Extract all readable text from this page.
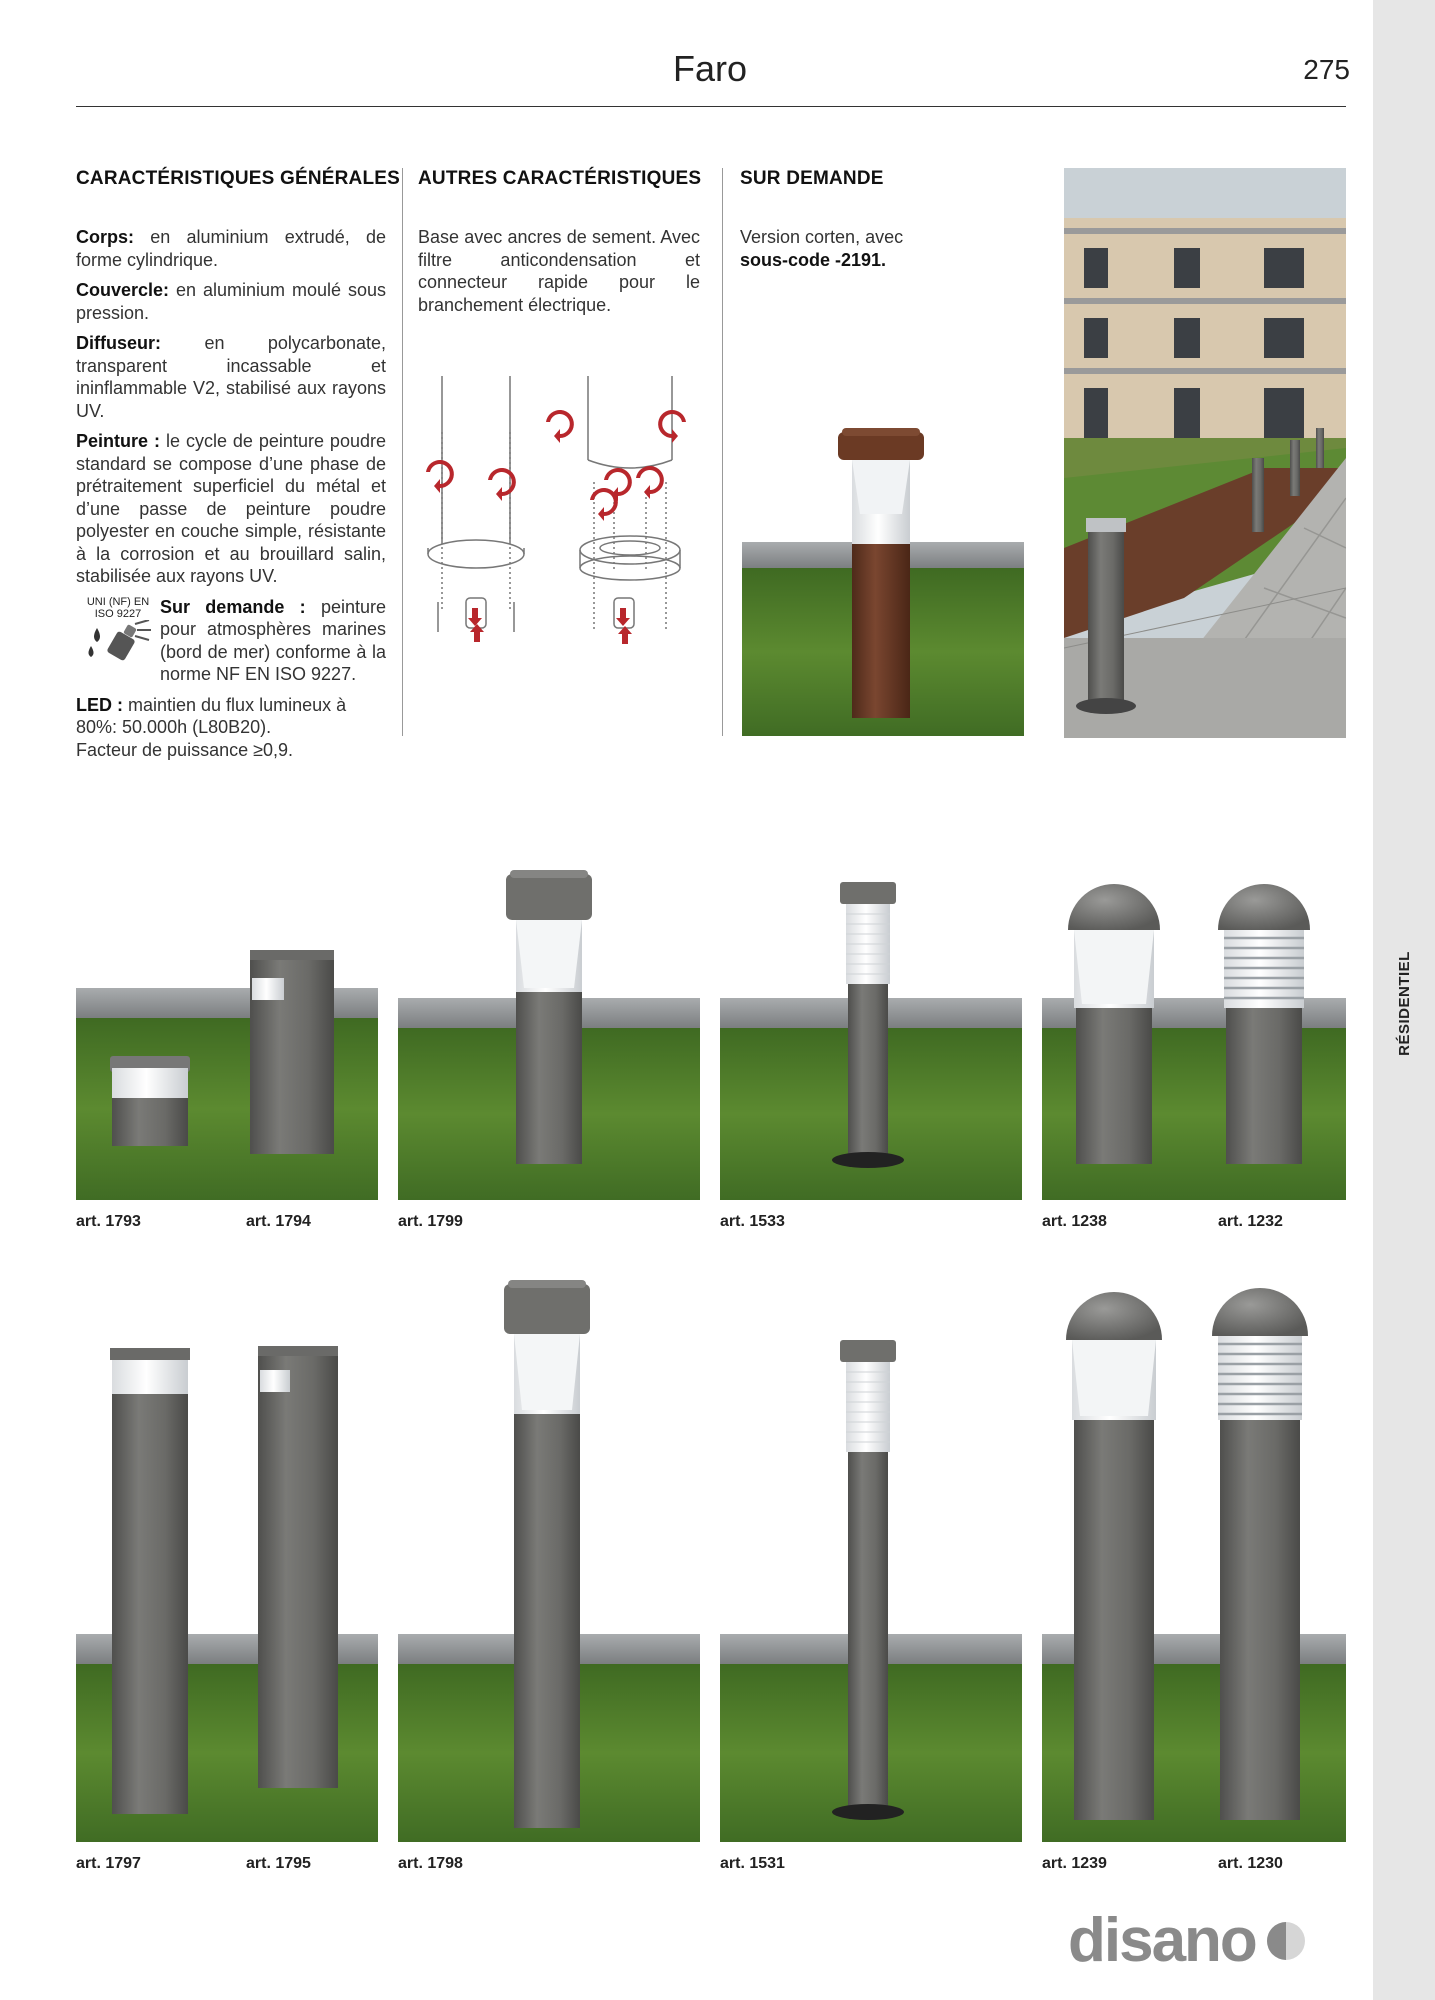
RÉSIDENTIEL
Faro	275
CARACTÉRISTIQUES GÉNÉRALES

Corps: en aluminium extrudé, de forme cylindrique.

Couvercle: en aluminium moulé sous pression.

Diffuseur: en polycarbonate, transparent incassable et ininflammable V2, stabilisé aux rayons UV.

Peinture : le cycle de peinture poudre standard se compose d’une phase de prétraitement superficiel du métal et d’une passe de peinture poudre polyester en couche simple, résistante à la corrosion et au brouillard salin, stabilisée aux rayons UV.

UNI (NF) EN
ISO 9227	Sur demande : peinture pour atmosphères marines (bord de mer) conforme à la norme NF EN ISO 9227.

LED : maintien du flux lumineux à 80%: 50.000h (L80B20).

Facteur de puissance ≥0,9.

AUTRES CARACTÉRISTIQUES

Base avec ancres de sement. Avec filtre anticondensation et connecteur rapide pour le branchement électrique.

SUR DEMANDE

Version corten, avec

sous-code -2191.

art. 1793	art. 1794	art. 1799	art. 1533	art. 1238	art. 1232
art. 1797	art. 1795	art. 1798	art. 1531	art. 1239	art. 1230
disano
